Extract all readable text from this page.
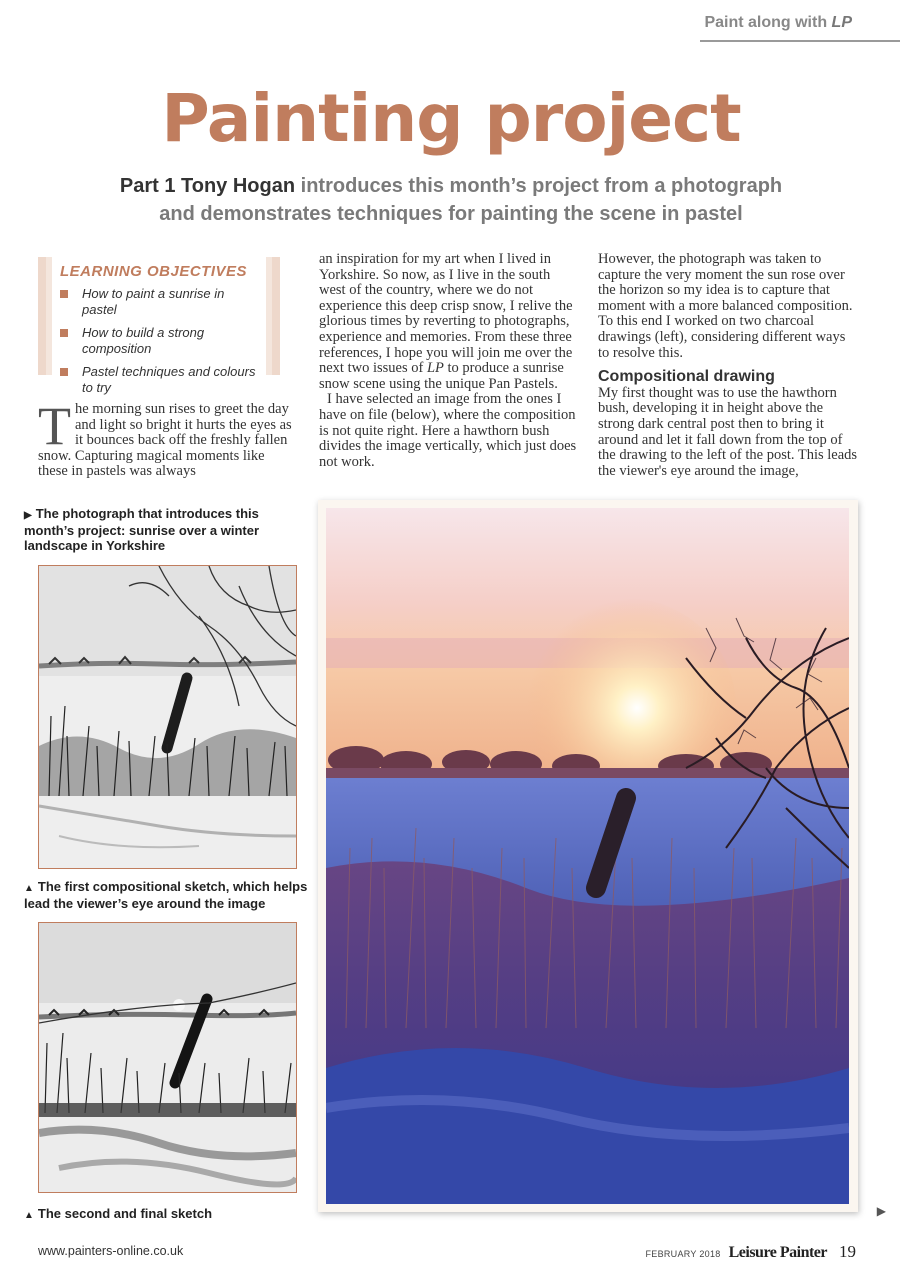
Paint along with LP
Painting project
Part 1 Tony Hogan introduces this month’s project from a photograph
and demonstrates techniques for painting the scene in pastel
LEARNING OBJECTIVES
How to paint a sunrise in pastel
How to build a strong composition
Pastel techniques and colours to try
The morning sun rises to greet the day and light so bright it hurts the eyes as it bounces back off the freshly fallen snow. Capturing magical moments like these in pastels was always
an inspiration for my art when I lived in Yorkshire. So now, as I live in the south west of the country, where we do not experience this deep crisp snow, I relive the glorious times by reverting to photographs, experience and memories. From these three references, I hope you will join me over the next two issues of LP to produce a sunrise snow scene using the unique Pan Pastels.
I have selected an image from the ones I have on file (below), where the composition is not quite right. Here a hawthorn bush divides the image vertically, which just does not work.
However, the photograph was taken to capture the very moment the sun rose over the horizon so my idea is to capture that moment with a more balanced composition. To this end I worked on two charcoal drawings (left), considering different ways to resolve this.
Compositional drawing
My first thought was to use the hawthorn bush, developing it in height above the strong dark central post then to bring it around and let it fall down from the top of the drawing to the left of the post. This leads the viewer's eye around the image,
▶ The photograph that introduces this month’s project: sunrise over a winter landscape in Yorkshire
▲ The first compositional sketch, which helps lead the viewer’s eye around the image
▲ The second and final sketch	▶
www.painters-online.co.uk	FEBRUARY 2018 Leisure Painter 19
